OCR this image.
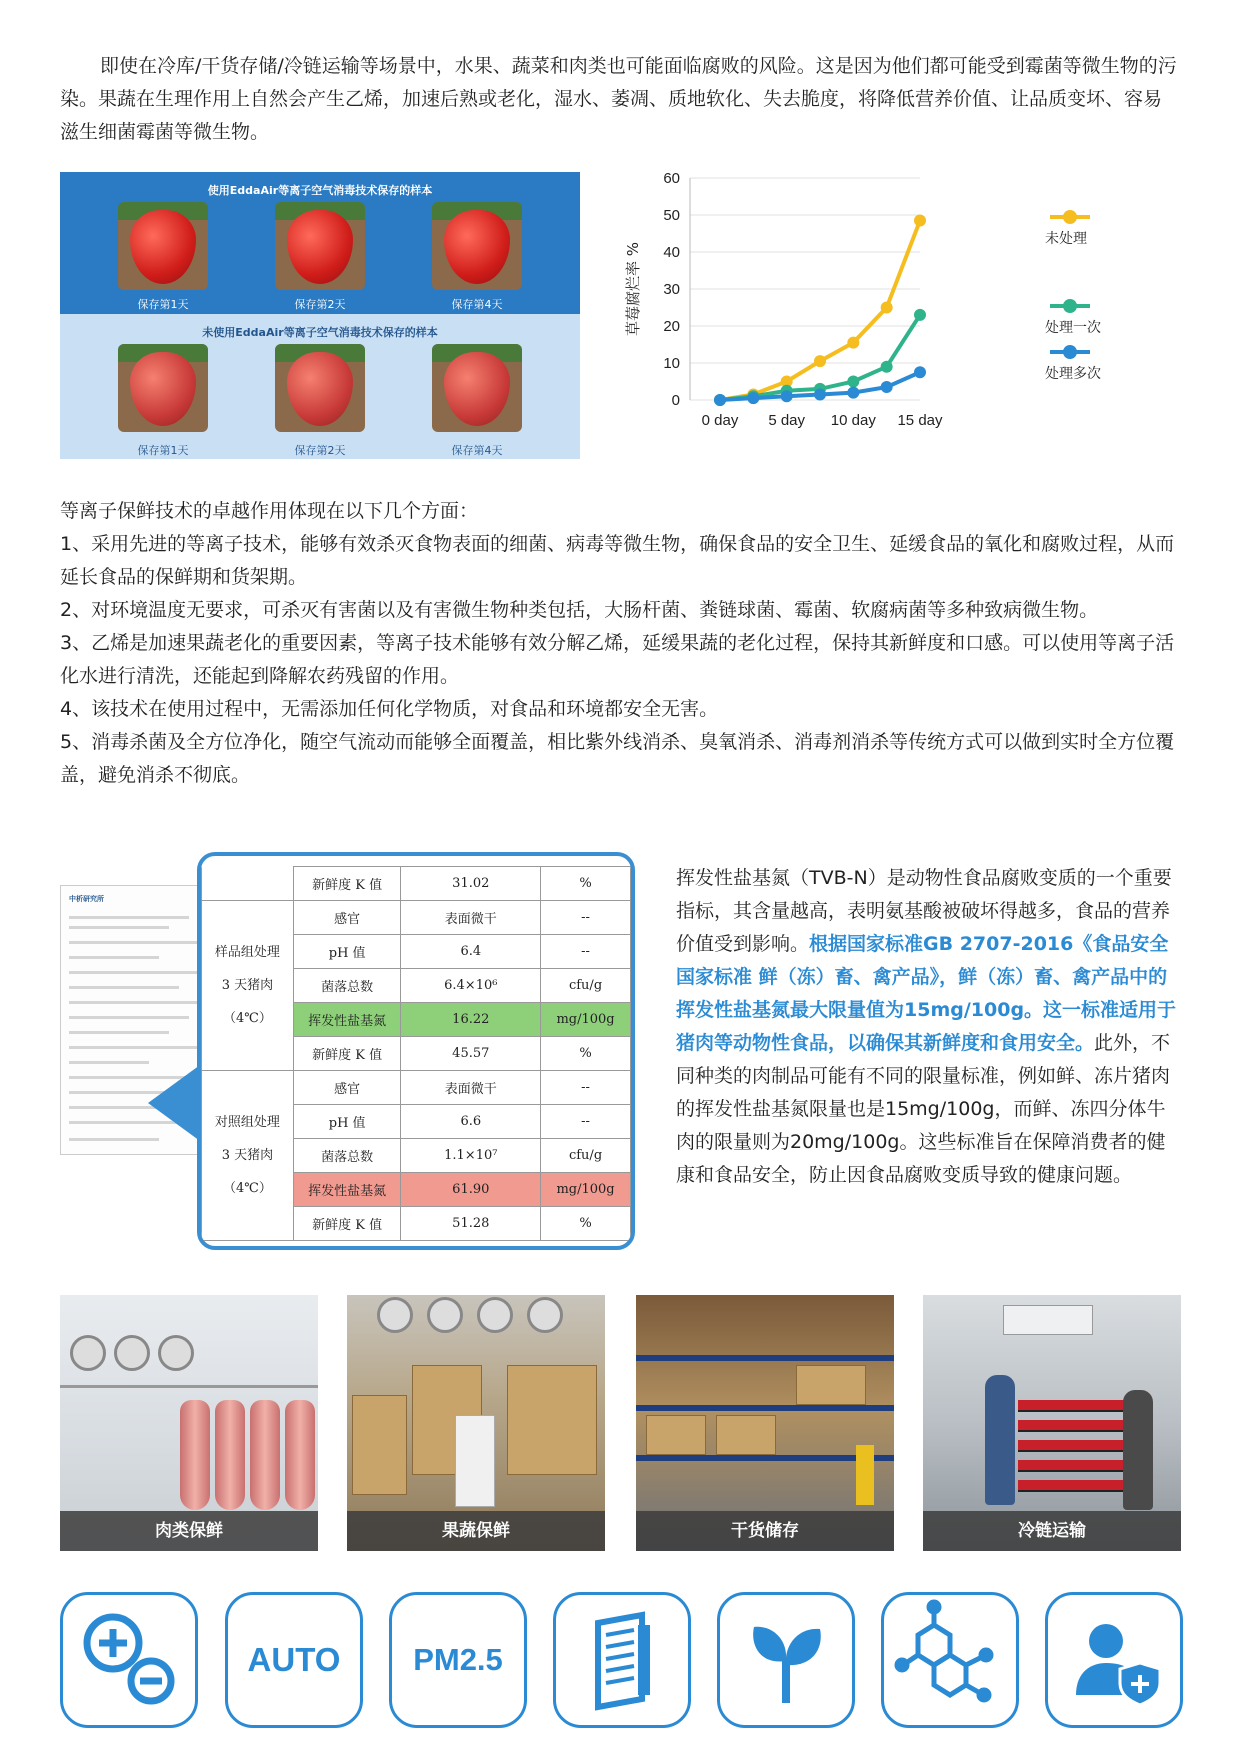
即使在冷库/干货存储/冷链运输等场景中，水果、蔬菜和肉类也可能面临腐败的风险。这是因为他们都可能受到霉菌等微生物的污染。果蔬在生理作用上自然会产生乙烯，加速后熟或老化，湿水、萎凋、质地软化、失去脆度，将降低营养价值、让品质变坏、容易滋生细菌霉菌等微生物。

使用EddaAir等离子空气消毒技术保存的样本
保存第1天	保存第2天	保存第4天
未使用EddaAir等离子空气消毒技术保存的样本
保存第1天	保存第2天	保存第4天
0
10
20
30
40
50
60
0 day 5 day 10 day 15 day
草莓腐烂率 %
未处理
处理一次
处理多次

等离子保鲜技术的卓越作用体现在以下几个方面：

1、采用先进的等离子技术，能够有效杀灭食物表面的细菌、病毒等微生物，确保食品的安全卫生、延缓食品的氧化和腐败过程，从而延长食品的保鲜期和货架期。

2、对环境温度无要求，可杀灭有害菌以及有害微生物种类包括，大肠杆菌、粪链球菌、霉菌、软腐病菌等多种致病微生物。

3、乙烯是加速果蔬老化的重要因素，等离子技术能够有效分解乙烯，延缓果蔬的老化过程，保持其新鲜度和口感。可以使用等离子活化水进行清洗，还能起到降解农药残留的作用。

4、该技术在使用过程中，无需添加任何化学物质，对食品和环境都安全无害。

5、消毒杀菌及全方位净化，随空气流动而能够全面覆盖，相比紫外线消杀、臭氧消杀、消毒剂消杀等传统方式可以做到实时全方位覆盖，避免消杀不彻底。

中析研究所
	新鲜度 K 值	31.02	%

样品组处理
3 天猪肉
（4℃）	感官	表面微干	--
	pH 值	6.4	--
	菌落总数	6.4×10⁶	cfu/g
	挥发性盐基氮	16.22	mg/100g
	新鲜度 K 值	45.57	%

对照组处理
3 天猪肉
（4℃）	感官	表面微干	--
	pH 值	6.6	--
	菌落总数	1.1×10⁷	cfu/g
	挥发性盐基氮	61.90	mg/100g
	新鲜度 K 值	51.28	%
挥发性盐基氮（TVB-N）是动物性食品腐败变质的一个重要指标，其含量越高，表明氨基酸被破坏得越多，食品的营养价值受到影响。根据国家标准GB 2707-2016《食品安全国家标准 鲜（冻）畜、禽产品》，鲜（冻）畜、禽产品中的挥发性盐基氮最大限量值为15mg/100g。这一标准适用于猪肉等动物性食品，以确保其新鲜度和食用安全。此外，不同种类的肉制品可能有不同的限量标准，例如鲜、冻片猪肉的挥发性盐基氮限量也是15mg/100g，而鲜、冻四分体牛肉的限量则为20mg/100g。这些标准旨在保障消费者的健康和食品安全，防止因食品腐败变质导致的健康问题。
肉类保鲜	果蔬保鲜	干货储存	冷链运输
AUTO	PM2.5
